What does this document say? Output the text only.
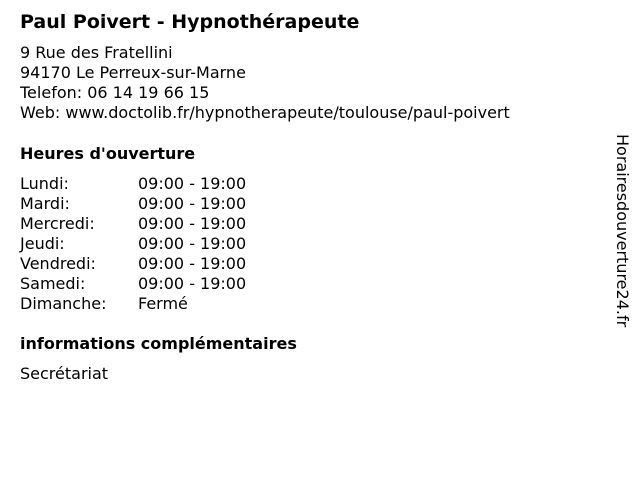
Paul Poivert - Hypnothérapeute
9 Rue des Fratellini
94170 Le Perreux-sur-Marne
Telefon: 06 14 19 66 15
Web: www.doctolib.fr/hypnotherapeute/toulouse/paul-poivert
Heures d'ouverture
Lundi:	09:00 - 19:00
Mardi:	09:00 - 19:00
Mercredi:	09:00 - 19:00
Jeudi:	09:00 - 19:00
Vendredi:	09:00 - 19:00
Samedi:	09:00 - 19:00
Dimanche:	Fermé
informations complémentaires
Secrétariat
Horairesdouverture24.fr
